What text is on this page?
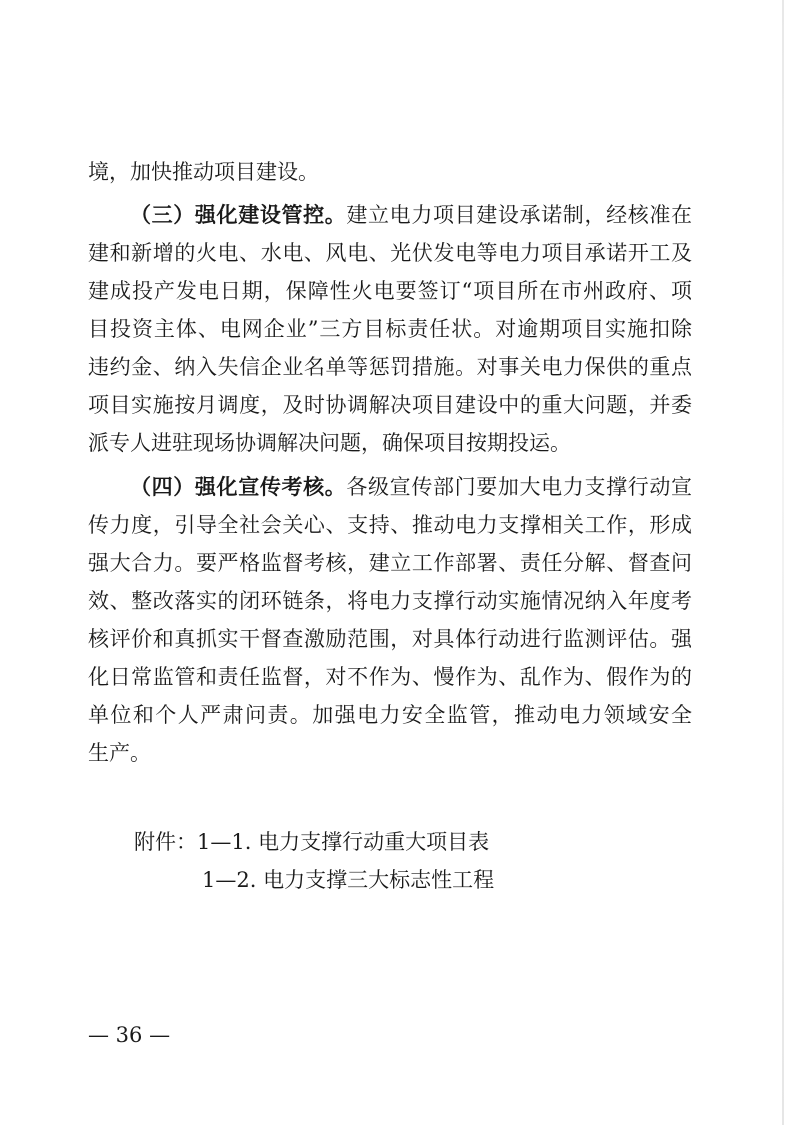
境，加快推动项目建设。
（三）强化建设管控。建立电力项目建设承诺制，经核准在
建和新增的火电、水电、风电、光伏发电等电力项目承诺开工及
建成投产发电日期，保障性火电要签订“项目所在市州政府、项
目投资主体、电网企业”三方目标责任状。对逾期项目实施扣除
违约金、纳入失信企业名单等惩罚措施。对事关电力保供的重点
项目实施按月调度，及时协调解决项目建设中的重大问题，并委
派专人进驻现场协调解决问题，确保项目按期投运。
（四）强化宣传考核。各级宣传部门要加大电力支撑行动宣
传力度，引导全社会关心、支持、推动电力支撑相关工作，形成
强大合力。要严格监督考核，建立工作部署、责任分解、督查问
效、整改落实的闭环链条，将电力支撑行动实施情况纳入年度考
核评价和真抓实干督查激励范围，对具体行动进行监测评估。强
化日常监管和责任监督，对不作为、慢作为、乱作为、假作为的
单位和个人严肃问责。加强电力安全监管，推动电力领域安全
生产。
附件：1—1. 电力支撑行动重大项目表
1—2. 电力支撑三大标志性工程
— 36 —
